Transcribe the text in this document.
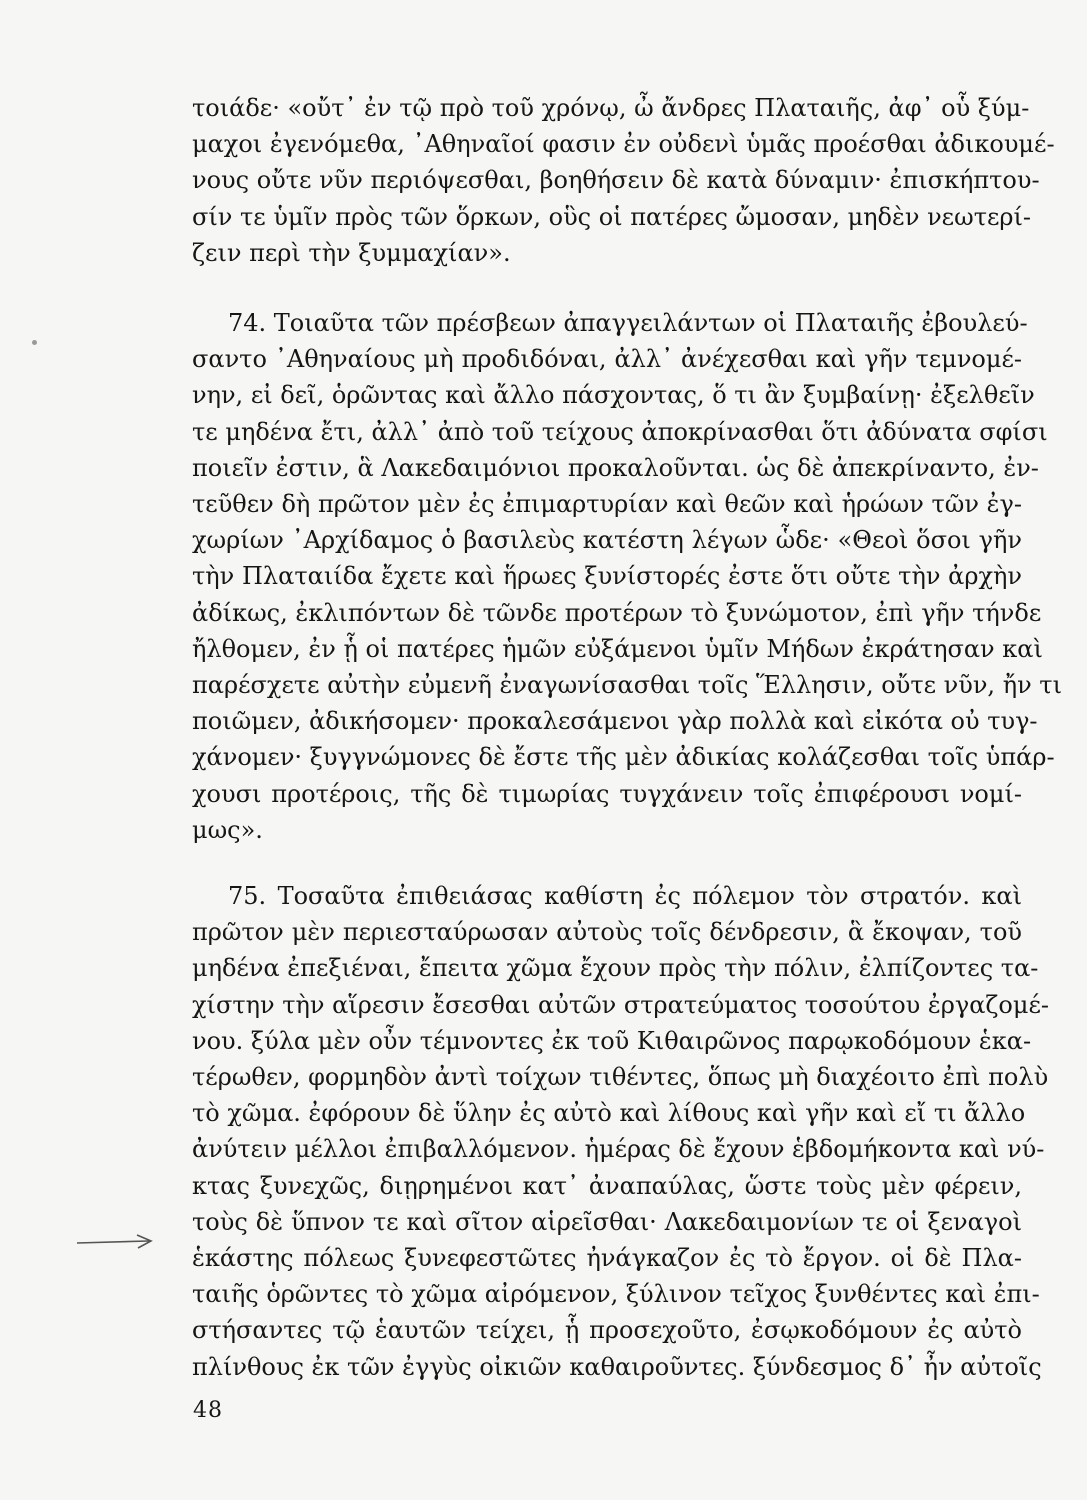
τοιάδε· «οὔτ᾽ ἐν τῷ πρὸ τοῦ χρόνῳ, ὦ ἄνδρες Πλαταιῆς, ἀφ᾽ οὗ ξύμ-
μαχοι ἐγενόμεθα, ᾽Αθηναῖοί φασιν ἐν οὐδενὶ ὑμᾶς προέσθαι ἀδικουμέ-
νους οὔτε νῦν περιόψεσθαι, βοηθήσειν δὲ κατὰ δύναμιν· ἐπισκήπτου-
σίν τε ὑμῖν πρὸς τῶν ὅρκων, οὓς οἱ πατέρες ὤμοσαν, μηδὲν νεωτερί-
ζειν περὶ τὴν ξυμμαχίαν».
74. Τοιαῦτα τῶν πρέσβεων ἀπαγγειλάντων οἱ Πλαταιῆς ἐβουλεύ-
σαντο ᾽Αθηναίους μὴ προδιδόναι, ἀλλ᾽ ἀνέχεσθαι καὶ γῆν τεμνομέ-
νην, εἰ δεῖ, ὁρῶντας καὶ ἄλλο πάσχοντας, ὅ τι ἂν ξυμβαίνῃ· ἐξελθεῖν
τε μηδένα ἔτι, ἀλλ᾽ ἀπὸ τοῦ τείχους ἀποκρίνασθαι ὅτι ἀδύνατα σφίσι
ποιεῖν ἐστιν, ἃ Λακεδαιμόνιοι προκαλοῦνται. ὡς δὲ ἀπεκρίναντο, ἐν-
τεῦθεν δὴ πρῶτον μὲν ἐς ἐπιμαρτυρίαν καὶ θεῶν καὶ ἡρώων τῶν ἐγ-
χωρίων ᾽Αρχίδαμος ὁ βασιλεὺς κατέστη λέγων ὧδε· «Θεοὶ ὅσοι γῆν
τὴν Πλαταιίδα ἔχετε καὶ ἥρωες ξυνίστορές ἐστε ὅτι οὔτε τὴν ἀρχὴν
ἀδίκως, ἐκλιπόντων δὲ τῶνδε προτέρων τὸ ξυνώμοτον, ἐπὶ γῆν τήνδε
ἤλθομεν, ἐν ᾗ οἱ πατέρες ἡμῶν εὐξάμενοι ὑμῖν Μήδων ἐκράτησαν καὶ
παρέσχετε αὐτὴν εὐμενῆ ἐναγωνίσασθαι τοῖς Ἕλλησιν, οὔτε νῦν, ἤν τι
ποιῶμεν, ἀδικήσομεν· προκαλεσάμενοι γὰρ πολλὰ καὶ εἰκότα οὐ τυγ-
χάνομεν· ξυγγνώμονες δὲ ἔστε τῆς μὲν ἀδικίας κολάζεσθαι τοῖς ὑπάρ-
χουσι προτέροις, τῆς δὲ τιμωρίας τυγχάνειν τοῖς ἐπιφέρουσι νομί-
μως».
75. Τοσαῦτα ἐπιθειάσας καθίστη ἐς πόλεμον τὸν στρατόν. καὶ
πρῶτον μὲν περιεσταύρωσαν αὐτοὺς τοῖς δένδρεσιν, ἃ ἔκοψαν, τοῦ
μηδένα ἐπεξιέναι, ἔπειτα χῶμα ἔχουν πρὸς τὴν πόλιν, ἐλπίζοντες τα-
χίστην τὴν αἵρεσιν ἔσεσθαι αὐτῶν στρατεύματος τοσούτου ἐργαζομέ-
νου. ξύλα μὲν οὖν τέμνοντες ἐκ τοῦ Κιθαιρῶνος παρῳκοδόμουν ἑκα-
τέρωθεν, φορμηδὸν ἀντὶ τοίχων τιθέντες, ὅπως μὴ διαχέοιτο ἐπὶ πολὺ
τὸ χῶμα. ἐφόρουν δὲ ὕλην ἐς αὐτὸ καὶ λίθους καὶ γῆν καὶ εἴ τι ἄλλο
ἀνύτειν μέλλοι ἐπιβαλλόμενον. ἡμέρας δὲ ἔχουν ἑβδομήκοντα καὶ νύ-
κτας ξυνεχῶς, διῃρημένοι κατ᾽ ἀναπαύλας, ὥστε τοὺς μὲν φέρειν,
τοὺς δὲ ὕπνον τε καὶ σῖτον αἱρεῖσθαι· Λακεδαιμονίων τε οἱ ξεναγοὶ
ἑκάστης πόλεως ξυνεφεστῶτες ἠνάγκαζον ἐς τὸ ἔργον. οἱ δὲ Πλα-
ταιῆς ὁρῶντες τὸ χῶμα αἰρόμενον, ξύλινον τεῖχος ξυνθέντες καὶ ἐπι-
στήσαντες τῷ ἑαυτῶν τείχει, ᾗ προσεχοῦτο, ἐσῳκοδόμουν ἐς αὐτὸ
πλίνθους ἐκ τῶν ἐγγὺς οἰκιῶν καθαιροῦντες. ξύνδεσμος δ᾽ ἦν αὐτοῖς
48
